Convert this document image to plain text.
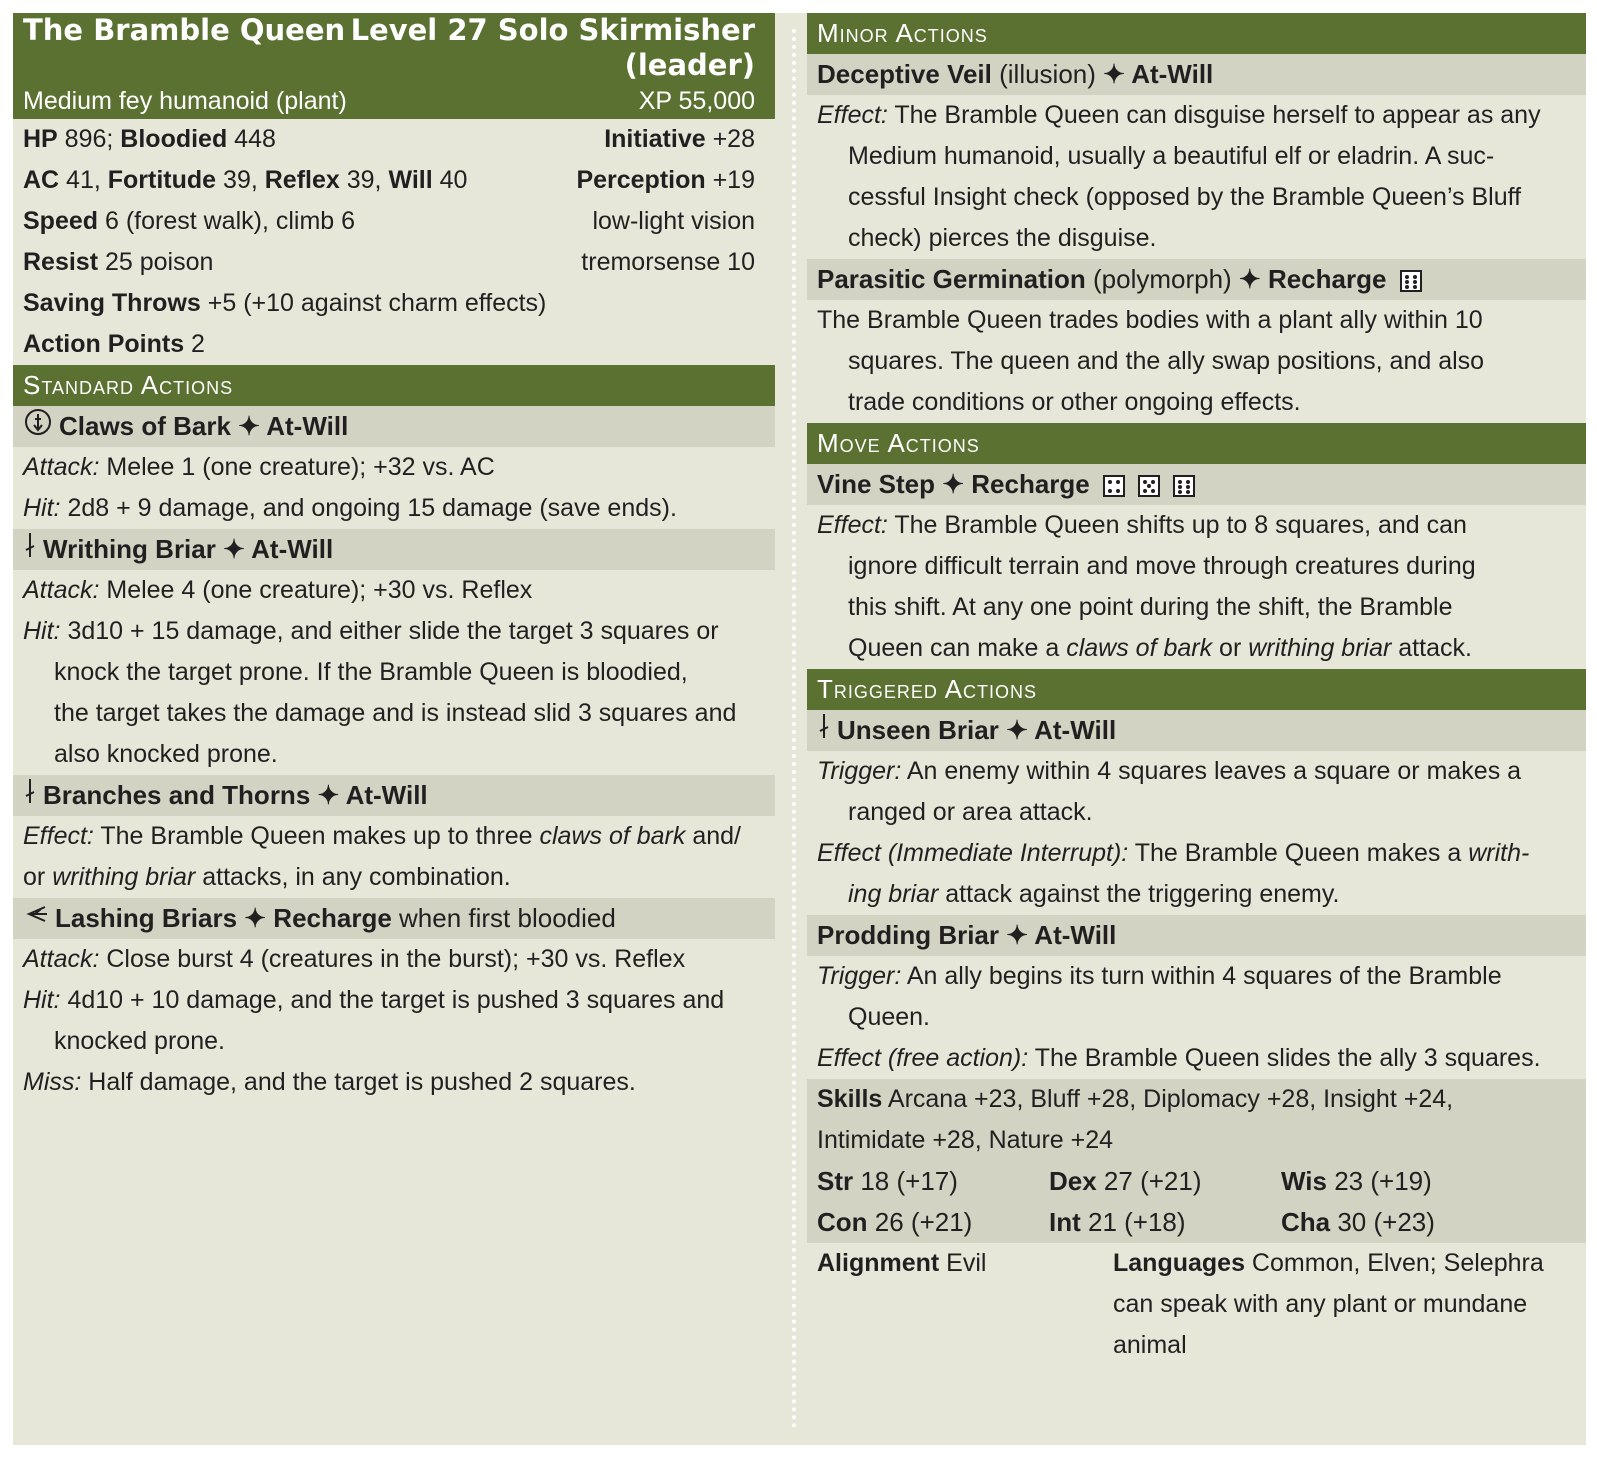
The Bramble Queen Level 27 Solo Skirmisher
(leader)
Medium fey humanoid (plant)	XP 55,000
HP 896; Bloodied 448	Initiative +28
AC 41, Fortitude 39, Reflex 39, Will 40	Perception +19
Speed 6 (forest walk), climb 6	low-light vision
Resist 25 poison	tremorsense 10
Saving Throws +5 (+10 against charm effects)
Action Points 2
Standard Actions
Claws of Bark ✦ At-Will
Attack: Melee 1 (one creature); +32 vs. AC
Hit: 2d8 + 9 damage, and ongoing 15 damage (save ends).
Writhing Briar ✦ At-Will
Attack: Melee 4 (one creature); +30 vs. Reflex
Hit: 3d10 + 15 damage, and either slide the target 3 squares or
knock the target prone. If the Bramble Queen is bloodied,
the target takes the damage and is instead slid 3 squares and
also knocked prone.
Branches and Thorns ✦ At-Will
Effect: The Bramble Queen makes up to three claws of bark and/
or writhing briar attacks, in any combination.
Lashing Briars ✦ Recharge when first bloodied
Attack: Close burst 4 (creatures in the burst); +30 vs. Reflex
Hit: 4d10 + 10 damage, and the target is pushed 3 squares and
knocked prone.
Miss: Half damage, and the target is pushed 2 squares.
Minor Actions
Deceptive Veil (illusion) ✦ At-Will
Effect: The Bramble Queen can disguise herself to appear as any
Medium humanoid, usually a beautiful elf or eladrin. A suc-
cessful Insight check (opposed by the Bramble Queen’s Bluff
check) pierces the disguise.
Parasitic Germination (polymorph) ✦ Recharge
The Bramble Queen trades bodies with a plant ally within 10
squares. The queen and the ally swap positions, and also
trade conditions or other ongoing effects.
Move Actions
Vine Step ✦ Recharge

Effect: The Bramble Queen shifts up to 8 squares, and can
ignore difficult terrain and move through creatures during
this shift. At any one point during the shift, the Bramble
Queen can make a claws of bark or writhing briar attack.
Triggered Actions
Unseen Briar ✦ At-Will
Trigger: An enemy within 4 squares leaves a square or makes a
ranged or area attack.
Effect (Immediate Interrupt): The Bramble Queen makes a writh-
ing briar attack against the triggering enemy.
Prodding Briar ✦ At-Will
Trigger: An ally begins its turn within 4 squares of the Bramble
Queen.
Effect (free action): The Bramble Queen slides the ally 3 squares.
Skills Arcana +23, Bluff +28, Diplomacy +28, Insight +24,
Intimidate +28, Nature +24
Str 18 (+17)	Dex 27 (+21)	Wis 23 (+19)
Con 26 (+21)	Int 21 (+18)	Cha 30 (+23)
Alignment Evil	Languages Common, Elven; Selephra
can speak with any plant or mundane
animal
